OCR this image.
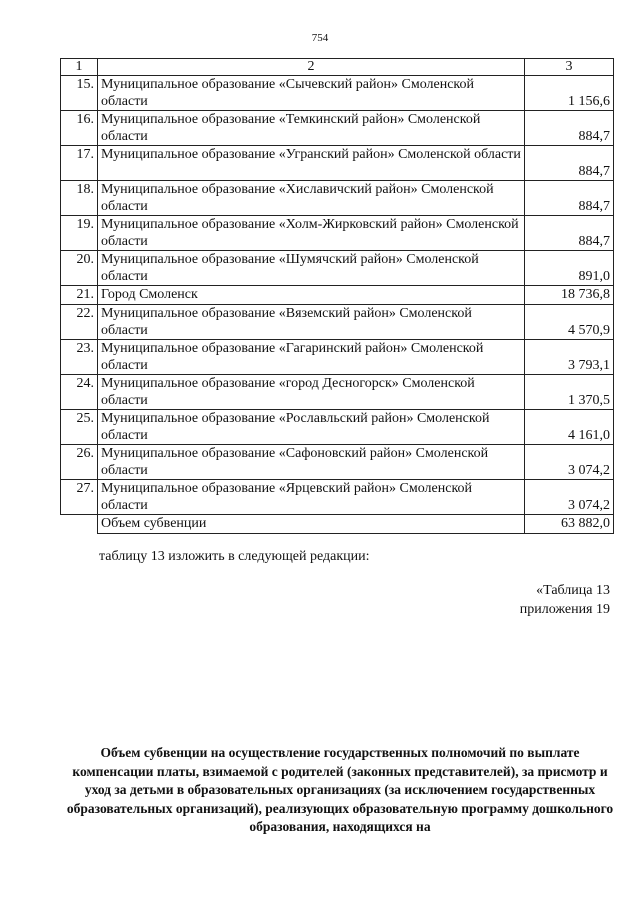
754
1	2	3
15.	Муниципальное образование «Сычевский район» Смоленской области	1 156,6
16.	Муниципальное образование «Темкинский район» Смоленской области	884,7
17.	Муниципальное образование «Угранский район» Смоленской области	884,7
18.	Муниципальное образование «Хиславичский район» Смоленской области	884,7
19.	Муниципальное образование «Холм-Жирковский район» Смоленской области	884,7
20.	Муниципальное образование «Шумячский район» Смоленской области	891,0
21.	Город Смоленск	18 736,8
22.	Муниципальное образование «Вяземский район» Смоленской области	4 570,9
23.	Муниципальное образование «Гагаринский район» Смоленской области	3 793,1
24.	Муниципальное образование «город Десногорск» Смоленской области	1 370,5
25.	Муниципальное образование «Рославльский район» Смоленской области	4 161,0
26.	Муниципальное образование «Сафоновский район» Смоленской области	3 074,2
27.	Муниципальное образование «Ярцевский район» Смоленской области	3 074,2
	Объем субвенции	63 882,0
таблицу 13 изложить в следующей редакции:
«Таблица 13
приложения 19
Объем субвенции на осуществление государственных полномочий по выплате компенсации платы, взимаемой с родителей (законных представителей), за присмотр и уход за детьми в образовательных организациях (за исключением государственных образовательных организаций), реализующих образовательную программу дошкольного образования, находящихся на
